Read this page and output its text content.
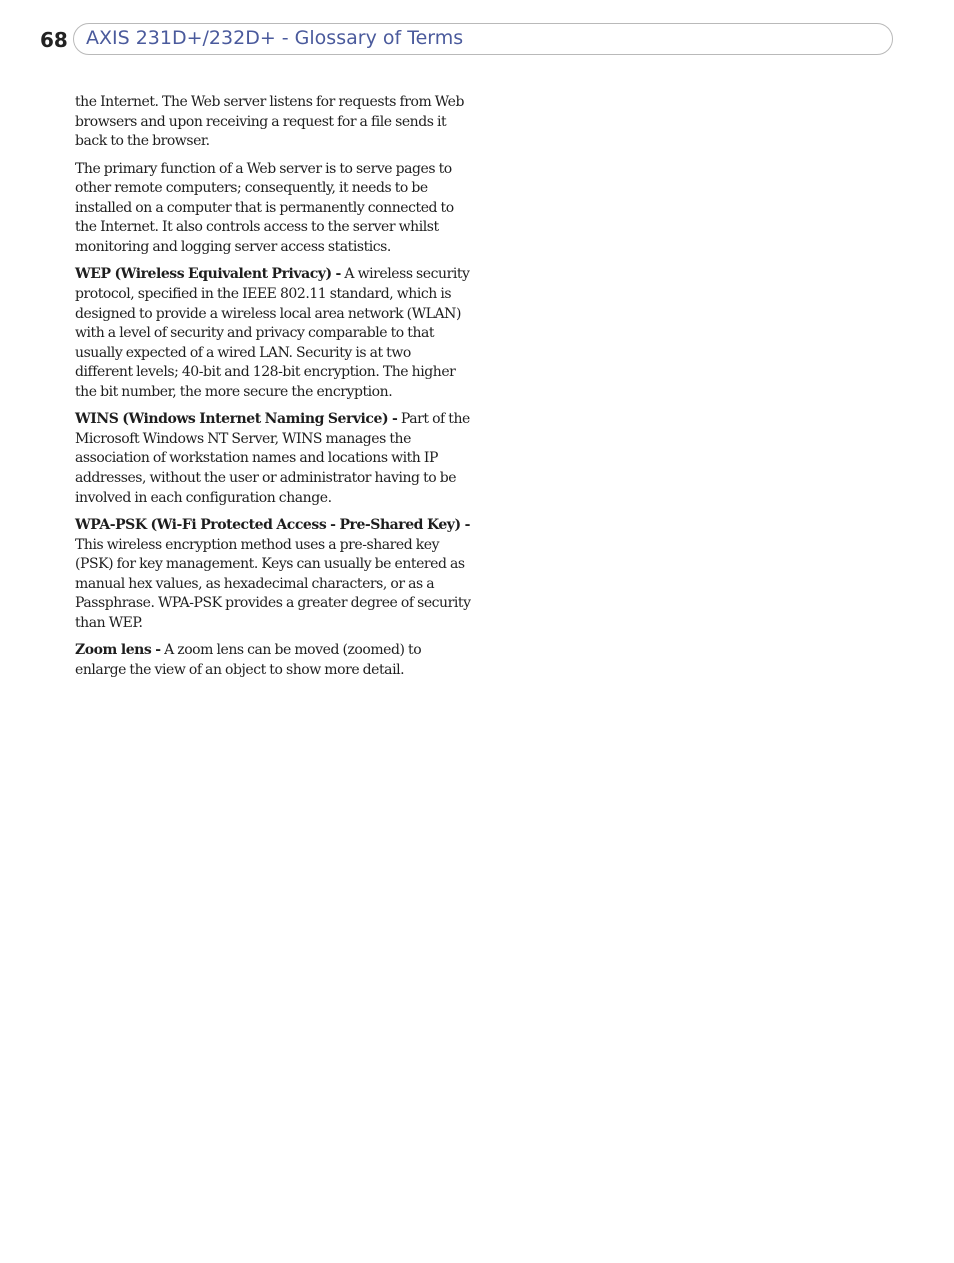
68 AXIS 231D+/232D+ - Glossary of Terms

the Internet. The Web server listens for requests from Web browsers and upon receiving a request for a file sends it back to the browser.

The primary function of a Web server is to serve pages to other remote computers; consequently, it needs to be installed on a computer that is permanently connected to the Internet. It also controls access to the server whilst monitoring and logging server access statistics.

WEP (Wireless Equivalent Privacy) - A wireless security protocol, specified in the IEEE 802.11 standard, which is designed to provide a wireless local area network (WLAN) with a level of security and privacy comparable to that usually expected of a wired LAN. Security is at two different levels; 40-bit and 128-bit encryption. The higher the bit number, the more secure the encryption.

WINS (Windows Internet Naming Service) - Part of the Microsoft Windows NT Server, WINS manages the association of workstation names and locations with IP addresses, without the user or administrator having to be involved in each configuration change.

WPA-PSK (Wi-Fi Protected Access - Pre-Shared Key) - This wireless encryption method uses a pre-shared key (PSK) for key management. Keys can usually be entered as manual hex values, as hexadecimal characters, or as a Passphrase. WPA-PSK provides a greater degree of security than WEP.

Zoom lens - A zoom lens can be moved (zoomed) to enlarge the view of an object to show more detail.
